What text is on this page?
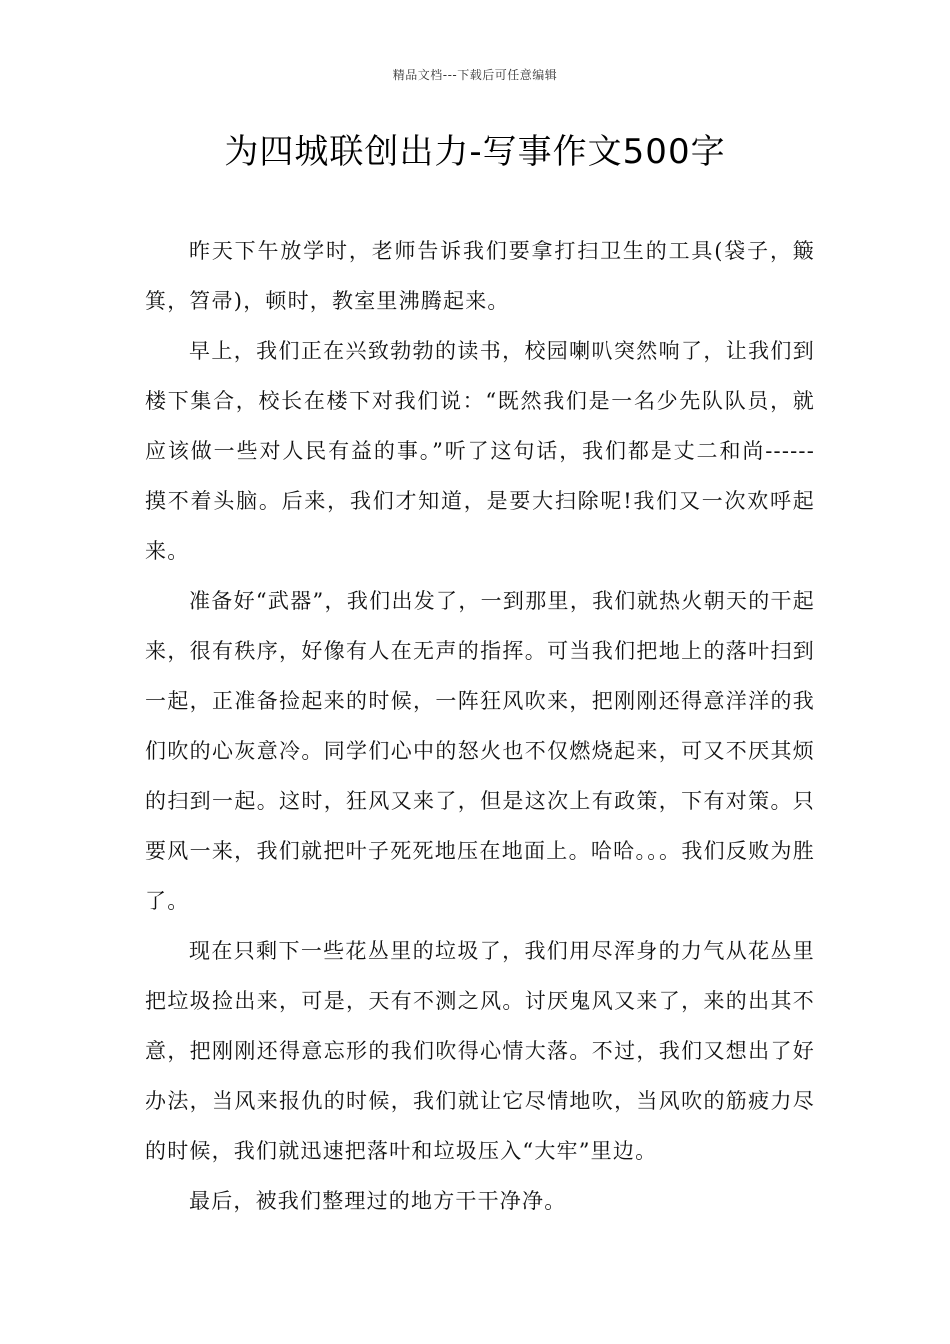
精品文档---下载后可任意编辑
为四城联创出力-写事作文500字

昨天下午放学时，老师告诉我们要拿打扫卫生的工具(袋子，簸箕，笤帚)，顿时，教室里沸腾起来。

早上，我们正在兴致勃勃的读书，校园喇叭突然响了，让我们到楼下集合，校长在楼下对我们说：“既然我们是一名少先队队员，就应该做一些对人民有益的事。”听了这句话，我们都是丈二和尚------摸不着头脑。后来，我们才知道，是要大扫除呢!我们又一次欢呼起来。

准备好“武器”，我们出发了，一到那里，我们就热火朝天的干起来，很有秩序，好像有人在无声的指挥。可当我们把地上的落叶扫到一起，正准备捡起来的时候，一阵狂风吹来，把刚刚还得意洋洋的我们吹的心灰意冷。同学们心中的怒火也不仅燃烧起来，可又不厌其烦的扫到一起。这时，狂风又来了，但是这次上有政策，下有对策。只要风一来，我们就把叶子死死地压在地面上。哈哈。。。我们反败为胜了。

现在只剩下一些花丛里的垃圾了，我们用尽浑身的力气从花丛里把垃圾捡出来，可是，天有不测之风。讨厌鬼风又来了，来的出其不意，把刚刚还得意忘形的我们吹得心情大落。不过，我们又想出了好办法，当风来报仇的时候，我们就让它尽情地吹，当风吹的筋疲力尽的时候，我们就迅速把落叶和垃圾压入“大牢”里边。

最后，被我们整理过的地方干干净净。
